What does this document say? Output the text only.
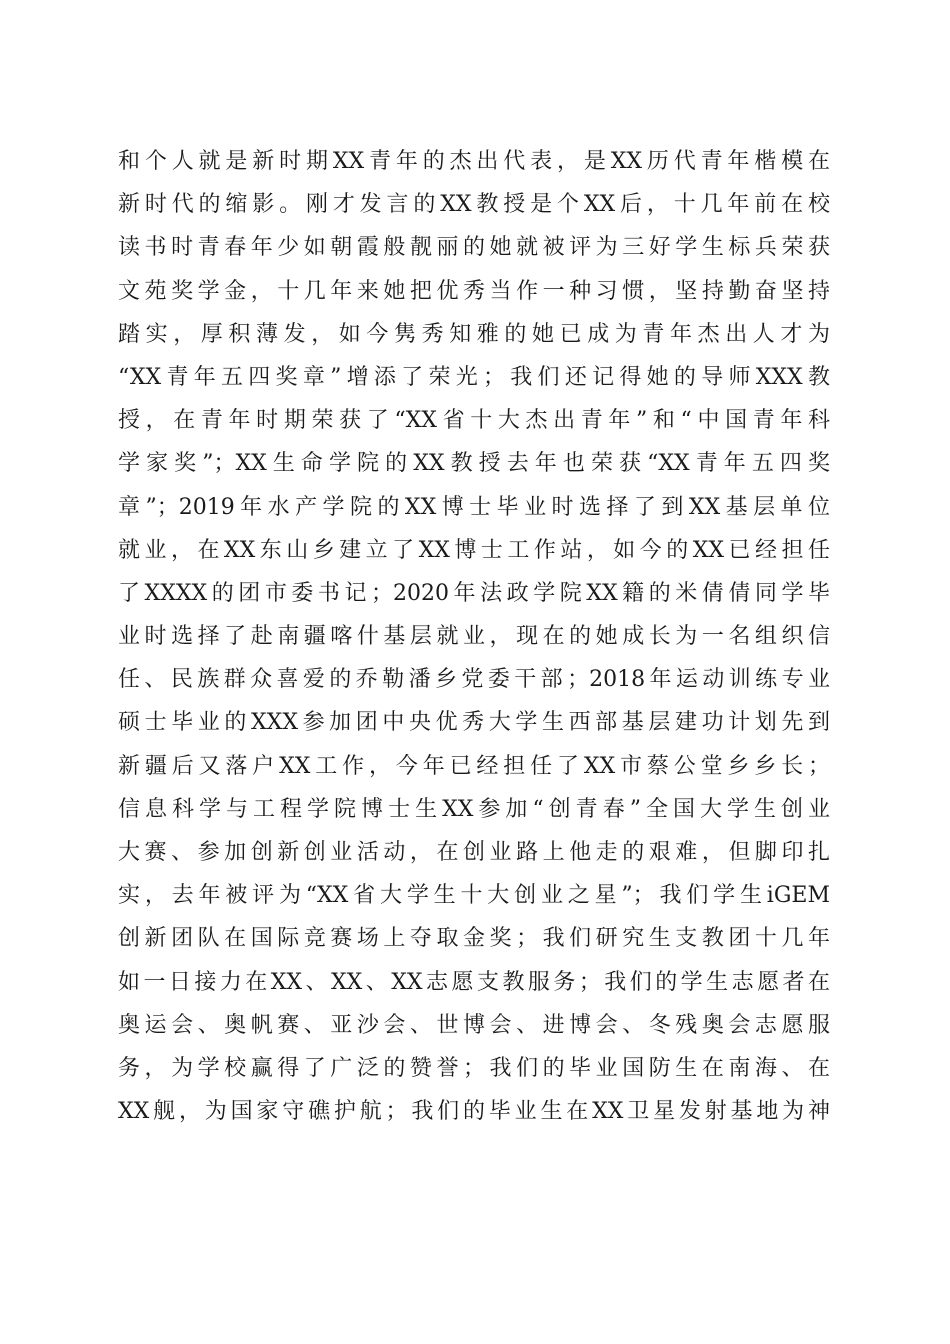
和个人就是新时期XX青年的杰出代表，是XX历代青年楷模在
新时代的缩影。刚才发言的XX教授是个XX后，十几年前在校
读书时青春年少如朝霞般靓丽的她就被评为三好学生标兵荣获
文苑奖学金，十几年来她把优秀当作一种习惯，坚持勤奋坚持
踏实，厚积薄发，如今隽秀知雅的她已成为青年杰出人才为
“XX青年五四奖章”增添了荣光；我们还记得她的导师XXX教
授，在青年时期荣获了“XX省十大杰出青年”和“中国青年科
学家奖”；XX生命学院的XX教授去年也荣获“XX青年五四奖
章”；2019年水产学院的XX博士毕业时选择了到XX基层单位
就业，在XX东山乡建立了XX博士工作站，如今的XX已经担任
了XXXX的团市委书记；2020年法政学院XX籍的米倩倩同学毕
业时选择了赴南疆喀什基层就业，现在的她成长为一名组织信
任、民族群众喜爱的乔勒潘乡党委干部；2018年运动训练专业
硕士毕业的XXX参加团中央优秀大学生西部基层建功计划先到
新疆后又落户XX工作，今年已经担任了XX市蔡公堂乡乡长；
信息科学与工程学院博士生XX参加“创青春”全国大学生创业
大赛、参加创新创业活动，在创业路上他走的艰难，但脚印扎
实，去年被评为“XX省大学生十大创业之星”；我们学生iGEM
创新团队在国际竞赛场上夺取金奖；我们研究生支教团十几年
如一日接力在XX、XX、XX志愿支教服务；我们的学生志愿者在
奥运会、奥帆赛、亚沙会、世博会、进博会、冬残奥会志愿服
务，为学校赢得了广泛的赞誉；我们的毕业国防生在南海、在
XX舰，为国家守礁护航；我们的毕业生在XX卫星发射基地为神
